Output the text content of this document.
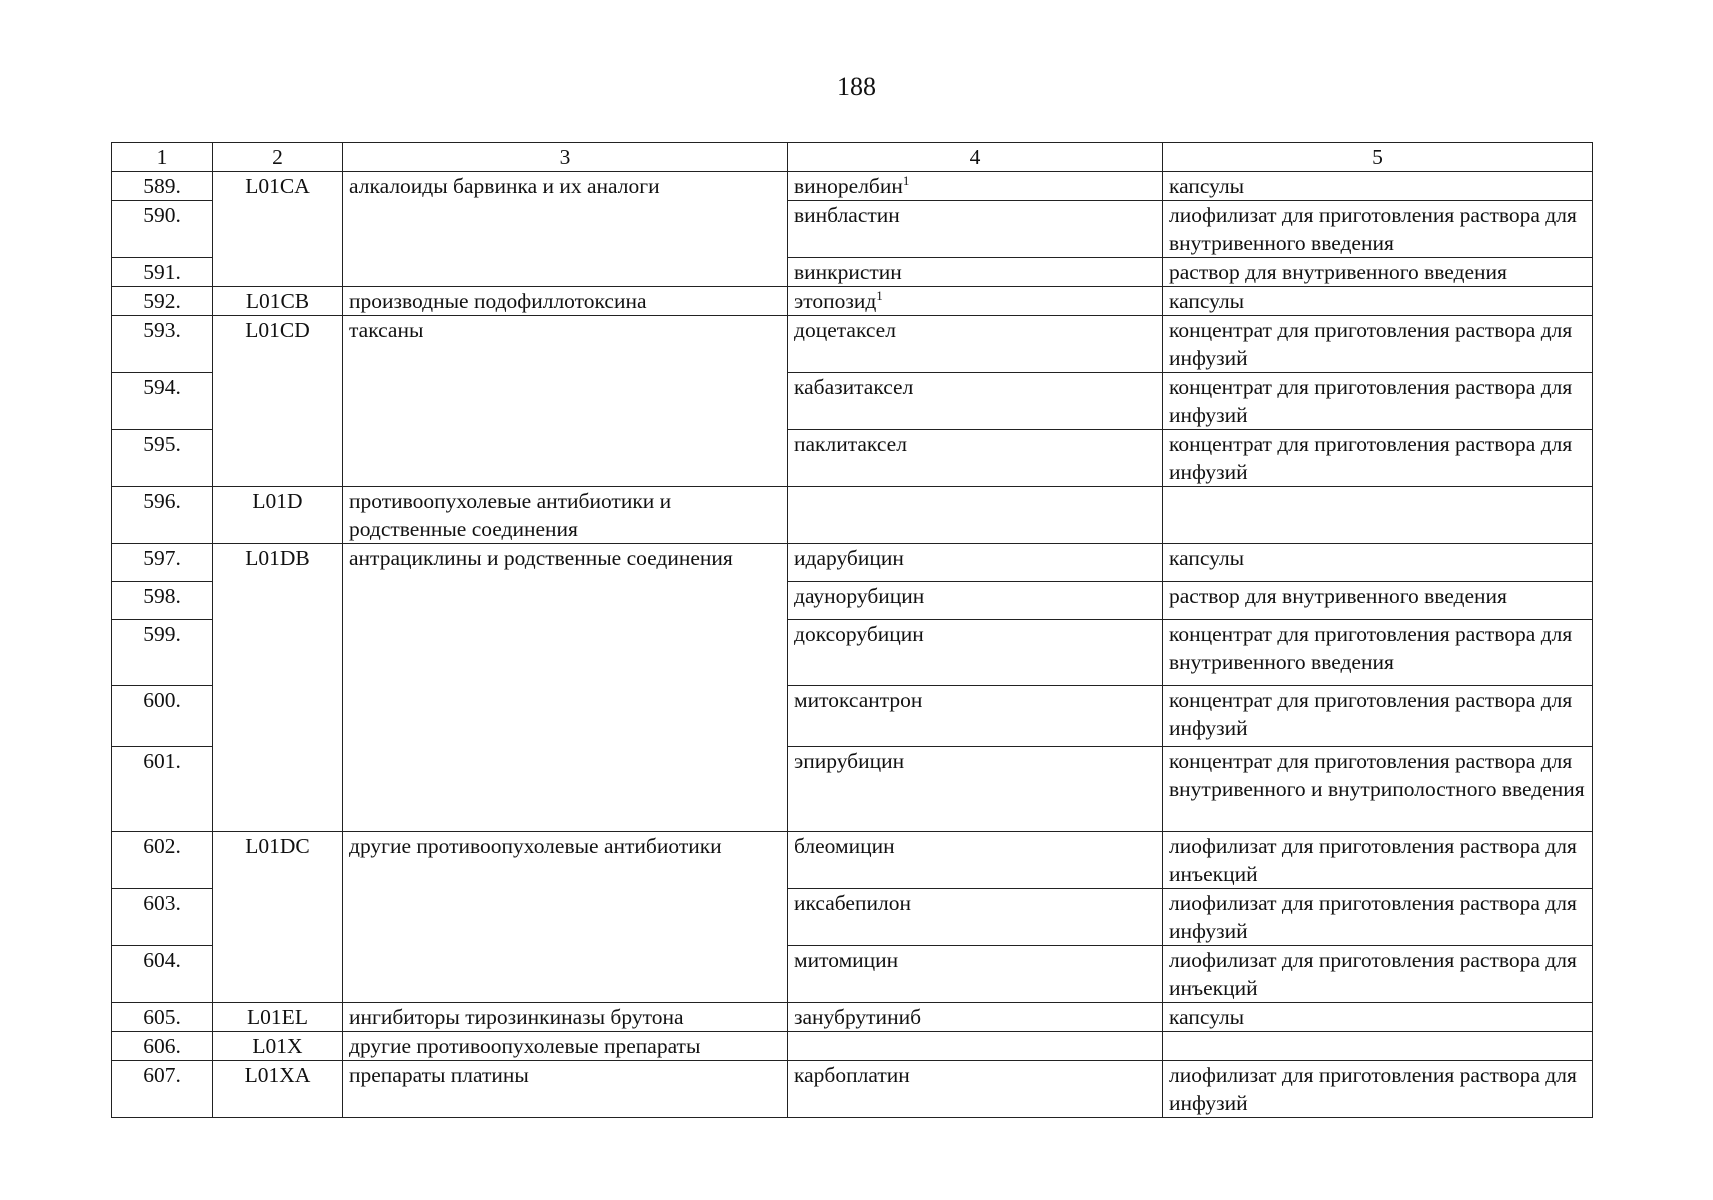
188
1	2	3	4	5
589.	L01CA	алкалоиды барвинка и их аналоги	винорелбин$^1$	капсулы
590.			винбластин	лиофилизат для приготовления раствора для внутривенного введения
591.			винкристин	раствор для внутривенного введения
592.	L01CB	производные подофиллотоксина	этопозид$^1$	капсулы
593.	L01CD	таксаны	доцетаксел	концентрат для приготовления раствора для инфузий
594.			кабазитаксел	концентрат для приготовления раствора для инфузий
595.			паклитаксел	концентрат для приготовления раствора для инфузий
596.	L01D	противоопухолевые антибиотики и родственные соединения		
597.	L01DB	антрациклины и родственные соединения	идарубицин	капсулы
598.			даунорубицин	раствор для внутривенного введения
599.			доксорубицин	концентрат для приготовления раствора для внутривенного введения
600.			митоксантрон	концентрат для приготовления раствора для инфузий
601.			эпирубицин	концентрат для приготовления раствора для внутривенного и внутриполостного введения
602.	L01DC	другие противоопухолевые антибиотики	блеомицин	лиофилизат для приготовления раствора для инъекций
603.			иксабепилон	лиофилизат для приготовления раствора для инфузий
604.			митомицин	лиофилизат для приготовления раствора для инъекций
605.	L01EL	ингибиторы тирозинкиназы брутона	занубрутиниб	капсулы
606.	L01X	другие противоопухолевые препараты		
607.	L01XA	препараты платины	карбоплатин	лиофилизат для приготовления раствора для инфузий
